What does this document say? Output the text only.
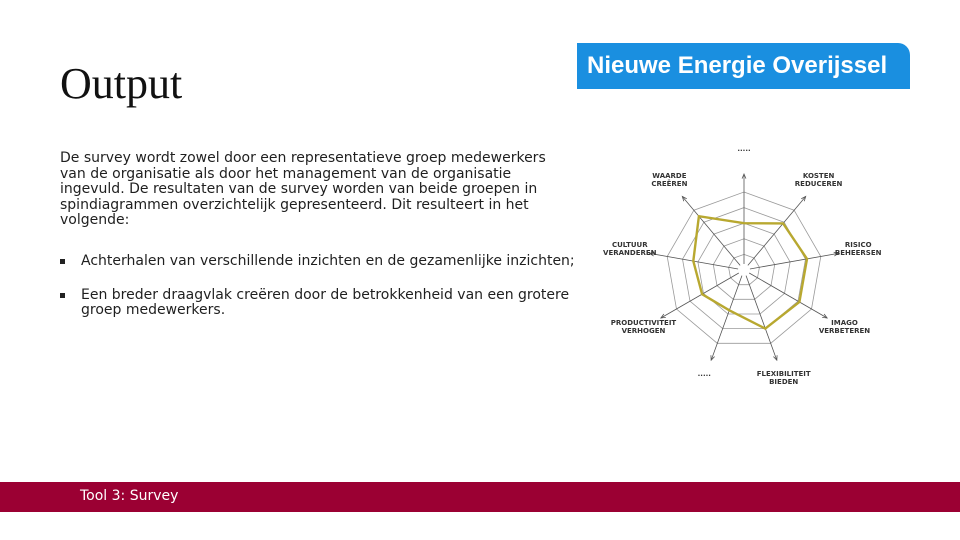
Output	Nieuwe Energie Overijssel

De survey wordt zowel door een representatieve groep medewerkers van de organisatie als door het management van de organisatie ingevuld. De resultaten van de survey worden van beide groepen in spindiagrammen overzichtelijk gepresenteerd. Dit resulteert in het volgende:

Achterhalen van verschillende inzichten en de gezamenlijke inzichten;
Een breder draagvlak creëren door de betrokkenheid van een grotere groep medewerkers.
.....
KOSTEN REDUCEREN
RISICO BEHEERSEN
IMAGO VERBETEREN
FLEXIBILITEIT BIEDEN
.....
PRODUCTIVITEIT VERHOGEN
CULTUUR VERANDEREN
WAARDE CREËREN
Tool 3: Survey
